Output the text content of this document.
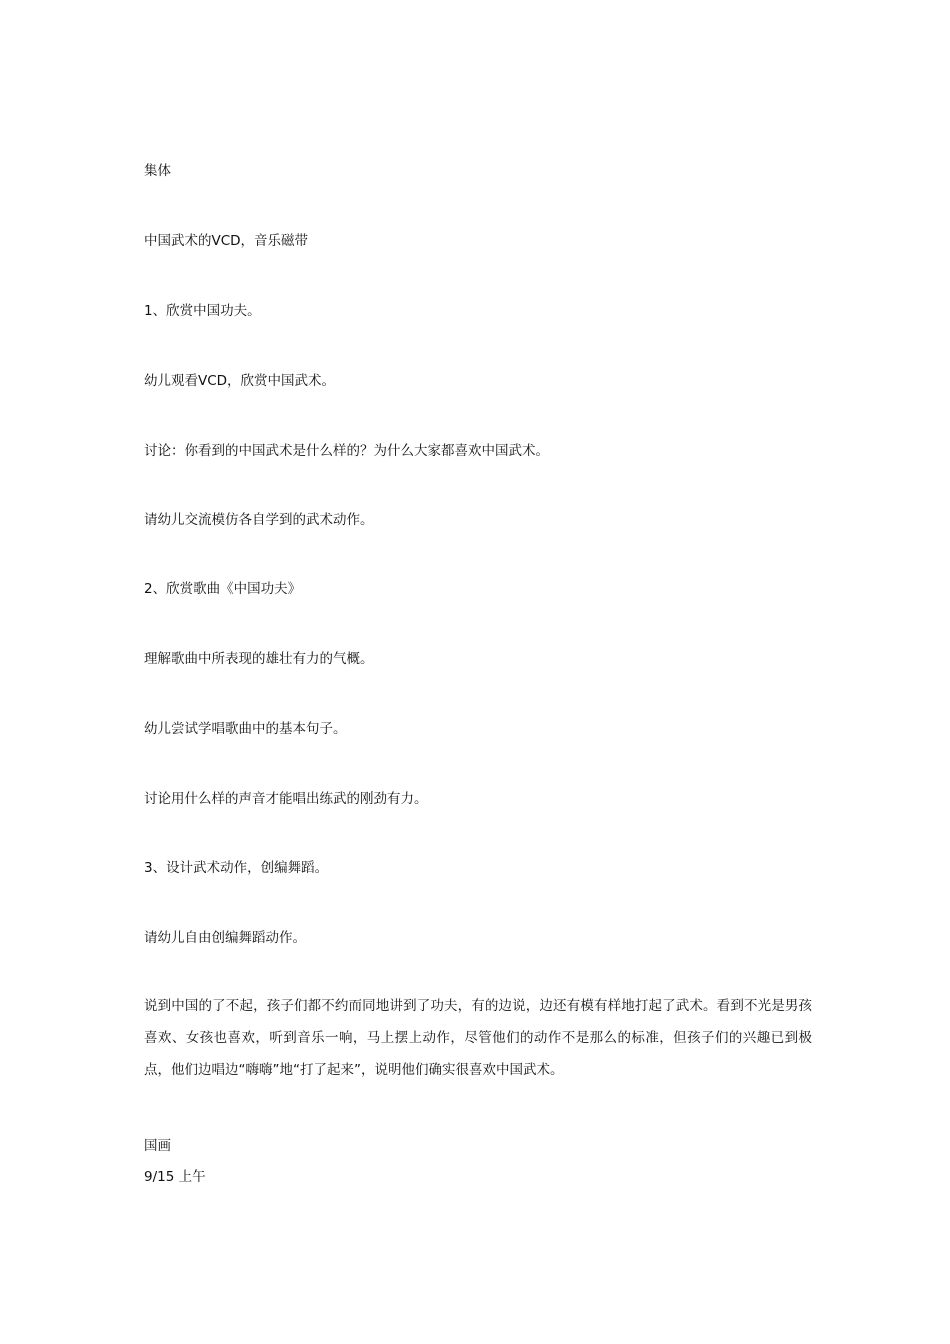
集体
中国武术的VCD，音乐磁带
1、欣赏中国功夫。
幼儿观看VCD，欣赏中国武术。
讨论：你看到的中国武术是什么样的？为什么大家都喜欢中国武术。
请幼儿交流模仿各自学到的武术动作。
2、欣赏歌曲《中国功夫》
理解歌曲中所表现的雄壮有力的气概。
幼儿尝试学唱歌曲中的基本句子。
讨论用什么样的声音才能唱出练武的刚劲有力。
3、设计武术动作，创编舞蹈。
请幼儿自由创编舞蹈动作。
说到中国的了不起，孩子们都不约而同地讲到了功夫，有的边说，边还有模有样地打起了武术。看到不光是男孩喜欢、女孩也喜欢，听到音乐一响，马上摆上动作，尽管他们的动作不是那么的标准，但孩子们的兴趣已到极点，他们边唱边“嗨嗨”地“打了起来”，说明他们确实很喜欢中国武术。
国画
9/15 上午
